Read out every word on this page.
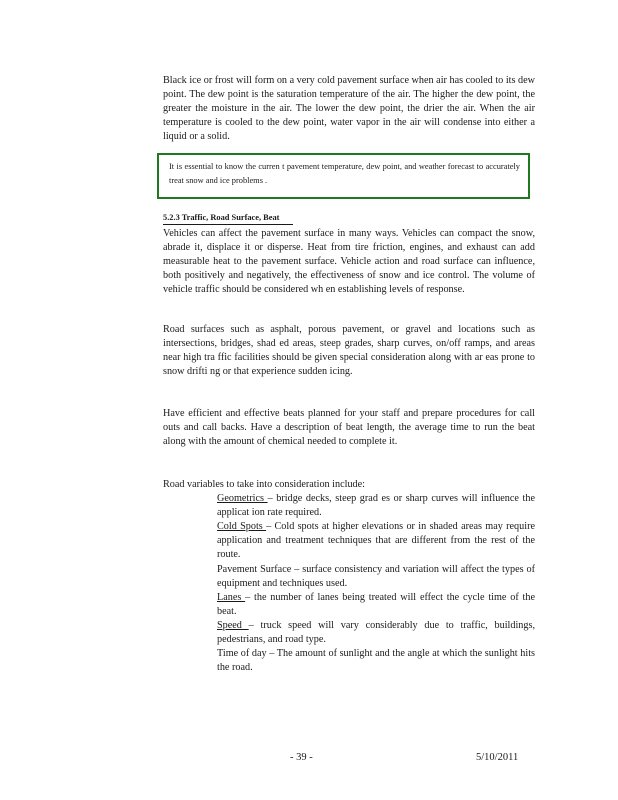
Black ice or frost will form on a very cold pavement surface when air has cooled to its dew point. The dew point is the saturation temperature of the air. The higher the dew point, the greater the moisture in the air. The lower the dew point, the drier the air. When the air temperature is cooled to the dew point, water vapor in the air will condense into either a liquid or a solid.
It is essential to know the curren t pavement temperature, dew point, and weather forecast to accurately treat snow and ice problems .
5.2.3 Traffic, Road Surface, Beat
Vehicles can affect the pavement surface in many ways. Vehicles can compact the snow, abrade it, displace it or disperse. Heat from tire friction, engines, and exhaust can add measurable heat to the pavement surface. Vehicle action and road surface can influence, both positively and negatively, the effectiveness of snow and ice control. The volume of vehicle traffic should be considered wh en establishing levels of response.
Road surfaces such as asphalt, porous pavement, or gravel and locations such as intersections, bridges, shad ed areas, steep grades, sharp curves, on/off ramps, and areas near high tra ffic facilities should be given special consideration along with ar eas prone to snow drifti ng or that experience sudden icing.
Have efficient and effective beats planned for your staff and prepare procedures for call outs and call backs. Have a description of beat length, the average time to run the beat along with the amount of chemical needed to complete it.
Road variables to take into consideration include:
Geometrics – bridge decks, steep grad es or sharp curves will influence the applicat ion rate required.
Cold Spots – Cold spots at higher elevations or in shaded areas may require application and treatment techniques that are different from the rest of the route.
Pavement Surface – surface consistency and variation will affect the types of equipment and techniques used.
Lanes – the number of lanes being treated will effect the cycle time of the beat.
Speed – truck speed will vary considerably due to traffic, buildings, pedestrians, and road type.
Time of day – The amount of sunlight and the angle at which the sunlight hits the road.
- 39 -	5/10/2011
